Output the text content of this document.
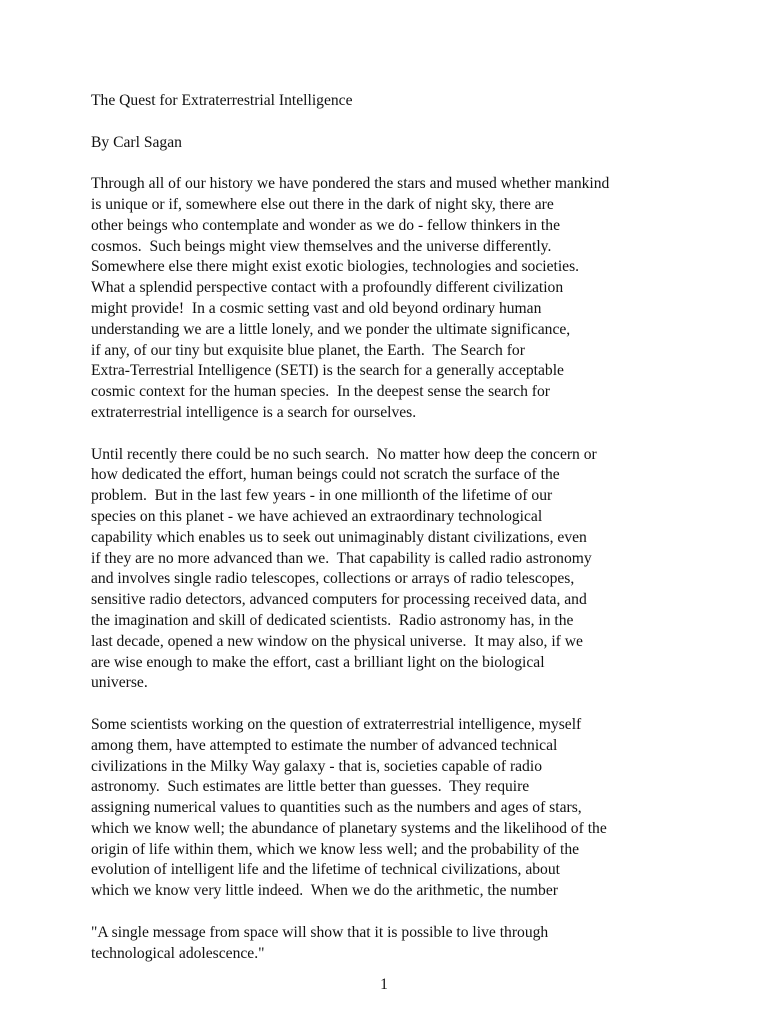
The Quest for Extraterrestrial Intelligence
By Carl Sagan
Through all of our history we have pondered the stars and mused whether mankind
is unique or if, somewhere else out there in the dark of night sky, there are
other beings who contemplate and wonder as we do - fellow thinkers in the
cosmos.  Such beings might view themselves and the universe differently.
Somewhere else there might exist exotic biologies, technologies and societies.
What a splendid perspective contact with a profoundly different civilization
might provide!  In a cosmic setting vast and old beyond ordinary human
understanding we are a little lonely, and we ponder the ultimate significance,
if any, of our tiny but exquisite blue planet, the Earth.  The Search for
Extra-Terrestrial Intelligence (SETI) is the search for a generally acceptable
cosmic context for the human species.  In the deepest sense the search for
extraterrestrial intelligence is a search for ourselves.
Until recently there could be no such search.  No matter how deep the concern or
how dedicated the effort, human beings could not scratch the surface of the
problem.  But in the last few years - in one millionth of the lifetime of our
species on this planet - we have achieved an extraordinary technological
capability which enables us to seek out unimaginably distant civilizations, even
if they are no more advanced than we.  That capability is called radio astronomy
and involves single radio telescopes, collections or arrays of radio telescopes,
sensitive radio detectors, advanced computers for processing received data, and
the imagination and skill of dedicated scientists.  Radio astronomy has, in the
last decade, opened a new window on the physical universe.  It may also, if we
are wise enough to make the effort, cast a brilliant light on the biological
universe.
Some scientists working on the question of extraterrestrial intelligence, myself
among them, have attempted to estimate the number of advanced technical
civilizations in the Milky Way galaxy - that is, societies capable of radio
astronomy.  Such estimates are little better than guesses.  They require
assigning numerical values to quantities such as the numbers and ages of stars,
which we know well; the abundance of planetary systems and the likelihood of the
origin of life within them, which we know less well; and the probability of the
evolution of intelligent life and the lifetime of technical civilizations, about
which we know very little indeed.  When we do the arithmetic, the number
"A single message from space will show that it is possible to live through
technological adolescence."
1
